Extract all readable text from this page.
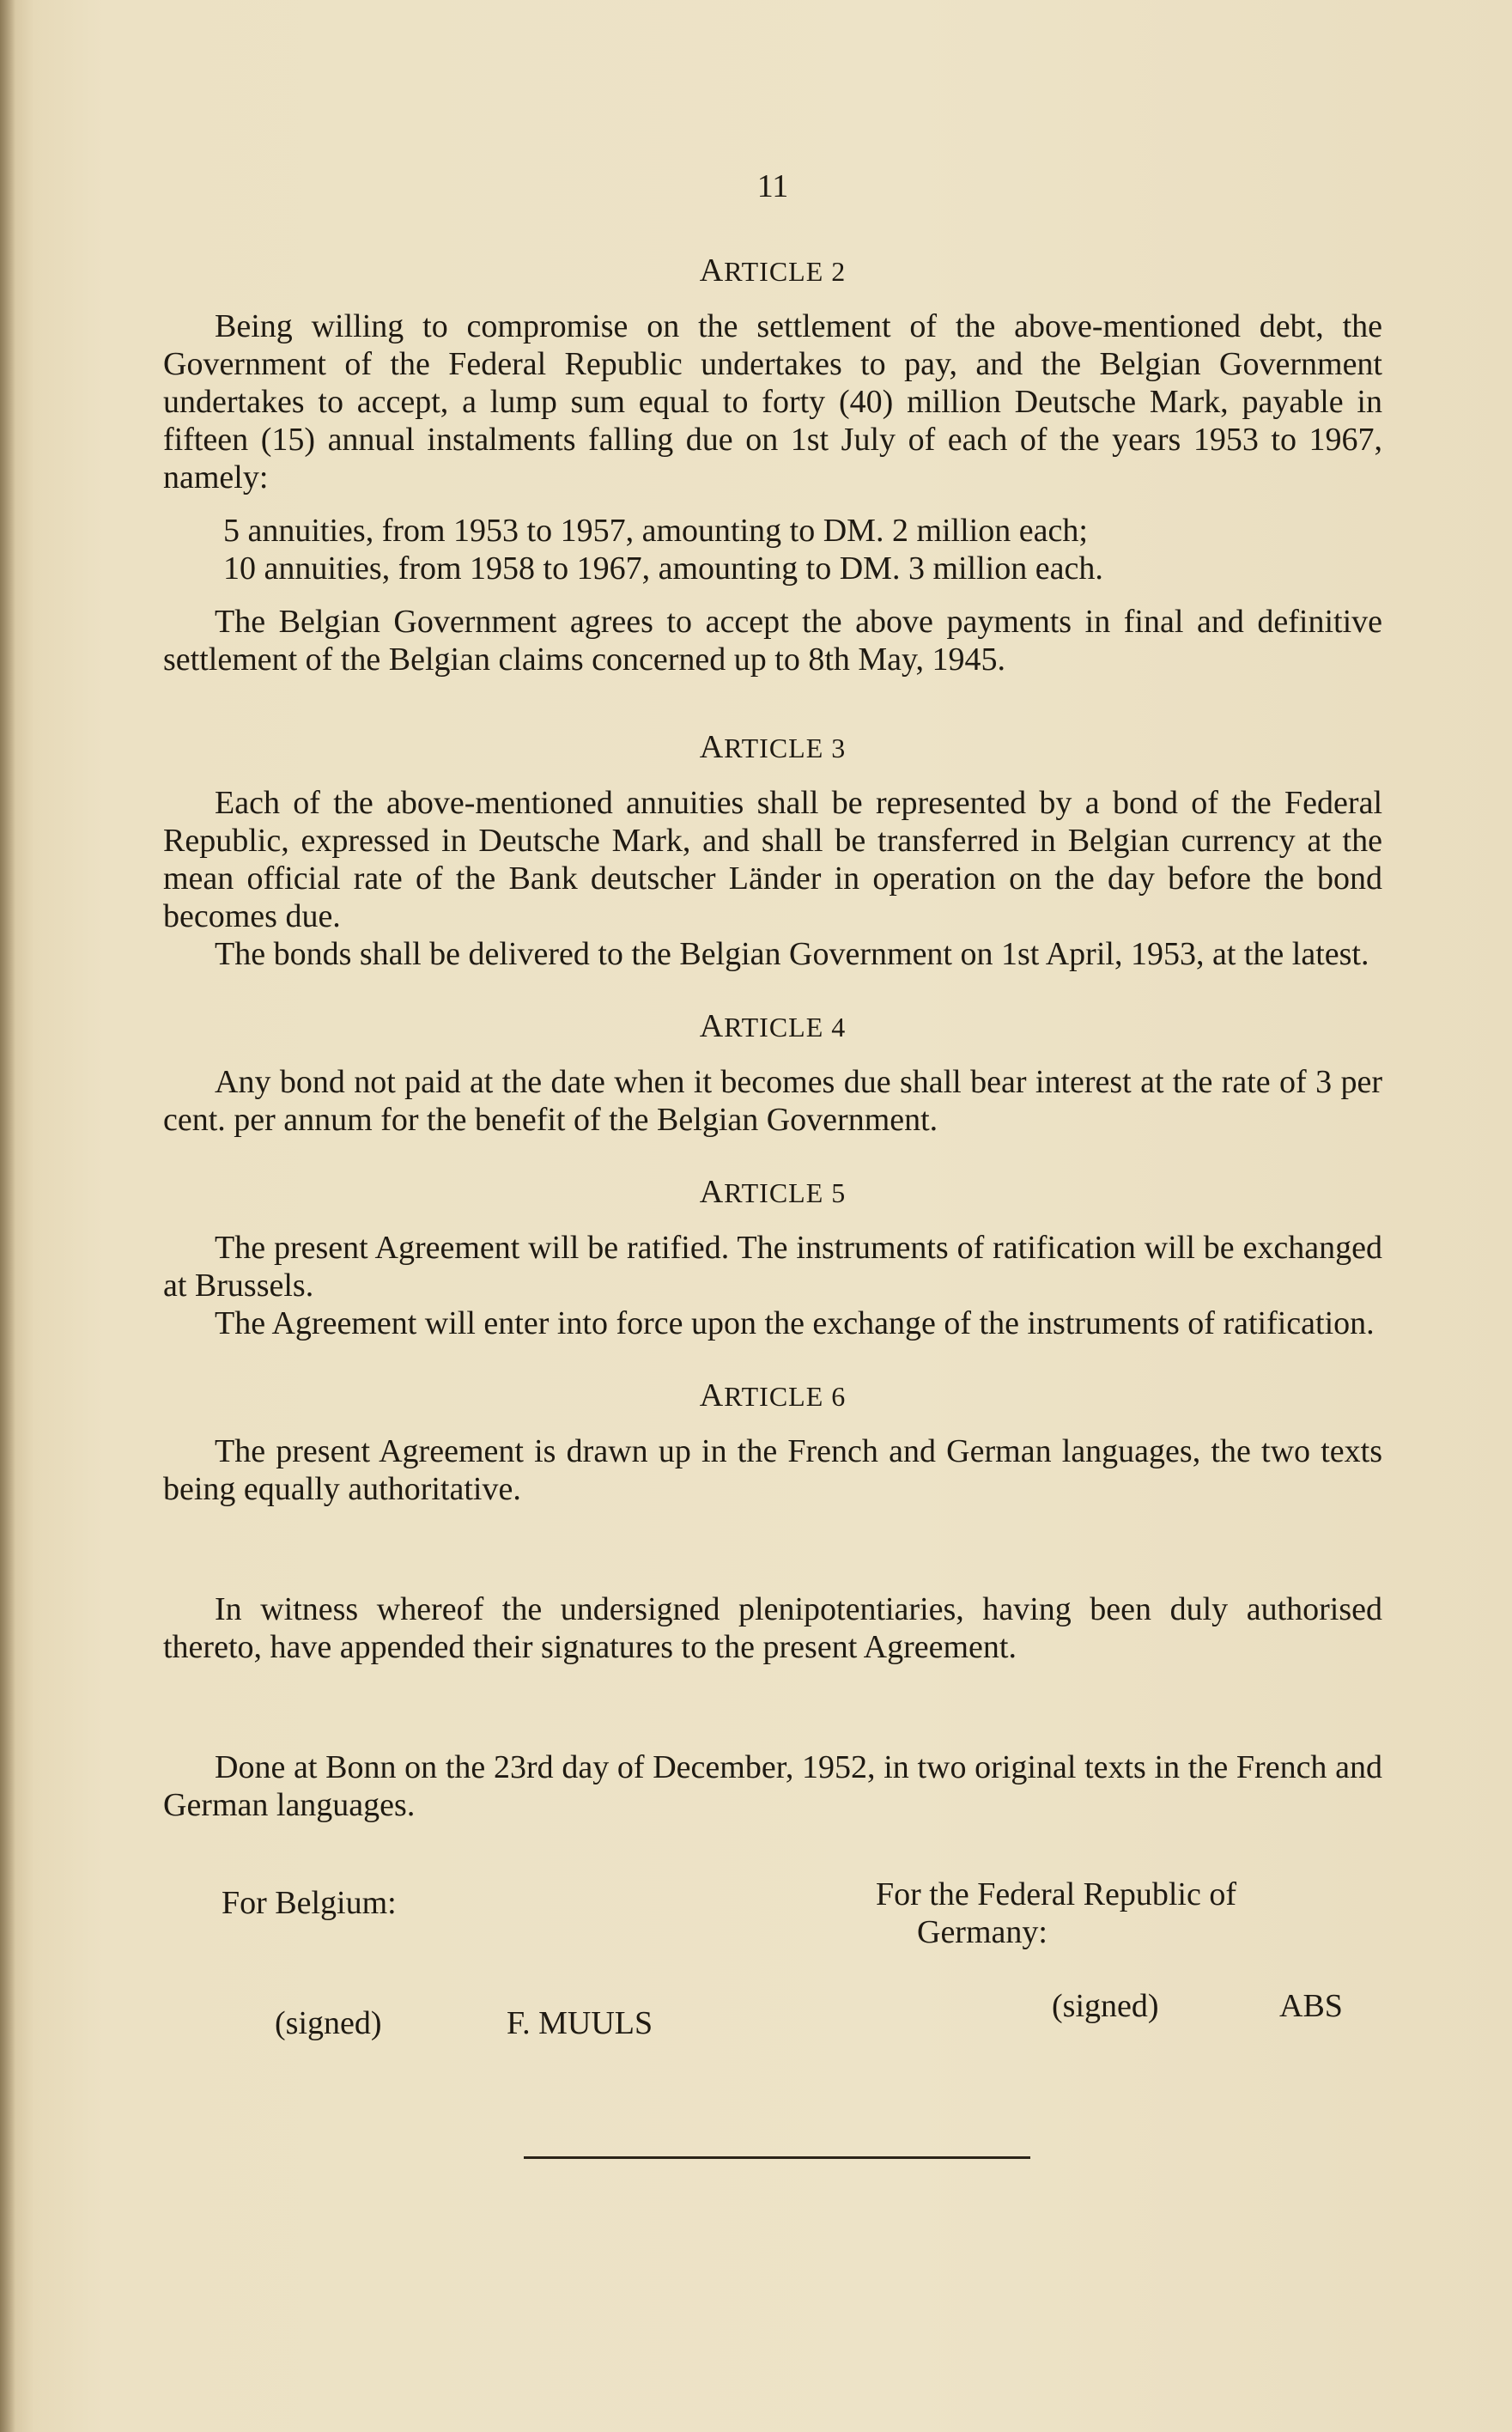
11
ARTICLE 2

Being willing to compromise on the settlement of the above-mentioned debt, the Government of the Federal Republic undertakes to pay, and the Belgian Government undertakes to accept, a lump sum equal to forty (40) million Deutsche Mark, payable in fifteen (15) annual instalments falling due on 1st July of each of the years 1953 to 1967, namely:

5 annuities, from 1953 to 1957, amounting to DM. 2 million each;

10 annuities, from 1958 to 1967, amounting to DM. 3 million each.

The Belgian Government agrees to accept the above payments in final and definitive settlement of the Belgian claims concerned up to 8th May, 1945.

ARTICLE 3

Each of the above-mentioned annuities shall be represented by a bond of the Federal Republic, expressed in Deutsche Mark, and shall be transferred in Belgian currency at the mean official rate of the Bank deutscher Länder in operation on the day before the bond becomes due.

The bonds shall be delivered to the Belgian Government on 1st April, 1953, at the latest.

ARTICLE 4

Any bond not paid at the date when it becomes due shall bear interest at the rate of 3 per cent. per annum for the benefit of the Belgian Government.

ARTICLE 5

The present Agreement will be ratified. The instruments of ratification will be exchanged at Brussels.

The Agreement will enter into force upon the exchange of the instruments of ratification.

ARTICLE 6

The present Agreement is drawn up in the French and German languages, the two texts being equally authoritative.

In witness whereof the undersigned plenipotentiaries, having been duly authorised thereto, have appended their signatures to the present Agreement.

Done at Bonn on the 23rd day of December, 1952, in two original texts in the French and German languages.

For Belgium:	For the Federal Republic of
Germany:
(signed)	F. MUULS	(signed)	ABS
